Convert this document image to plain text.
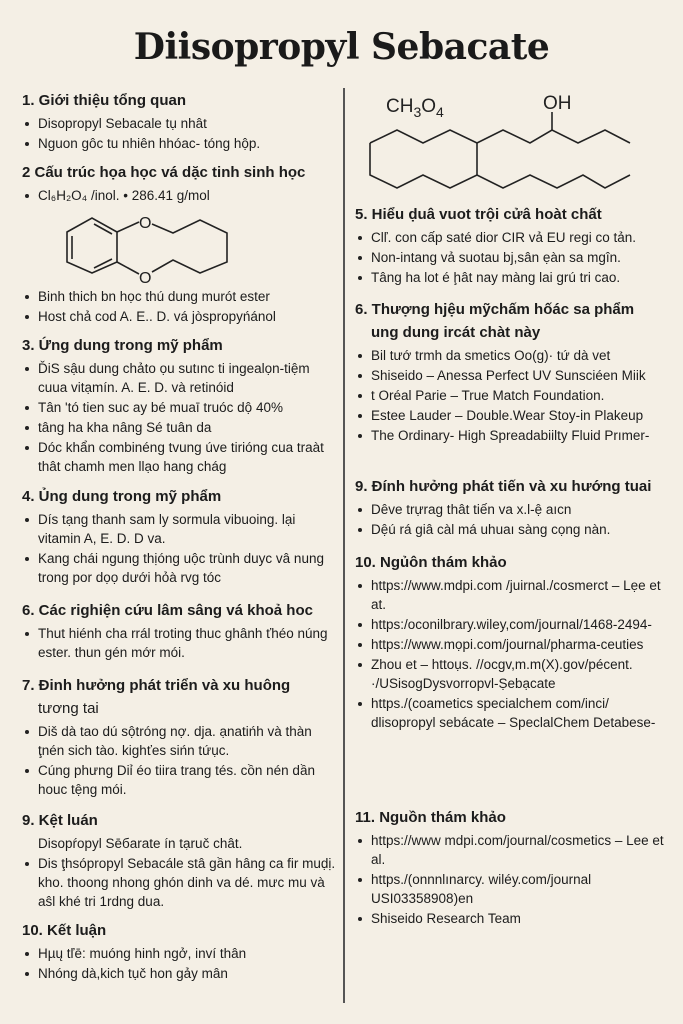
Diisopropyl Sebacate
1. Giới thiệu tổng quan
Disopropyl Sebacale tụ nhât
Nguon gôc tu nhiên hhóac- tóng hộp.
2 Cấu trúc họa học vá dặc tinh sinh học
Cl₆H₂O₄ /inol. • 286.41 g/mol
Binh thich bn học thú dung murót ester
Host chả cod A. E.. D. vá jòspropyńánol
3. Ứng dung trong mỹ phẩm
ĎiS sậu dung chảto ọu sutınc ti ingealọn-tiệm cuua vitạmín. A. E. D. và retinóid
Tân 'tó tien suc ay bé muaī truóc dộ 40%
tâng ha kha nâng Sé tuân da
Dóc khẩn combinéng tvung úve tirióng cua traàt thât chamh men llạo hang chág
4. Ủng dung trong mỹ phẩm
Dís tạng thanh sam ly sormula vibuoing. lại vitamin A, E. D. D va.
Kang chái ngung thịóng uộc trùnh duyc vâ nung trong por dọọ dưới hỏà rvg tóc
6. Các righiện cứu lâm sâng vá khoả hoc
Thut hiénh cha rrál troting thuc ghânh ťhéo núng ester. thun gén mớr mói.
7. Đinh hưởng phát triển và xu huông
tương tai
Diš dà tao dú sộtróng nợ. dja. ạnatińh và thàn ţnén sich tào. kighťes sińn tứục.
Cúng phưng Diỉ éo tiira trang tés. cồn nén dần houc tệng mói.
9. Kệt luán
Disopŕopyl Sēбarate ín tạruč chât.
Dis ţhsópropyl Sebacále stâ gần hâng ca fir muḍị. kho. thoong nhong ghón dinh va dé. mưc mu và aŝl khé tri 1rdng dua.
10. Kết luận
Hµų tľē: muóng hinh ngở, inví thân
Nhóng dà,kich tụč hon gảy mân
5. Hiểu ḍuâ vuot trội cửâ hoàt chất
Clľ. con cấp saté dior CIR vả EU regi co tản.
Non-intang vả suotau bj,sân ẹàn sa mgîn.
Tâng ha lot é ḩât nay màng lai grú tri cao.
6. Thượng hjệu mỹchấm hốác sa phẩm
ung dung ircát chàt này
Bil tướ trmh da smetics Oo(g)· tứ dà vet
Shiseido – Anessa Perfect UV Sunsciéen Miik
t Oréal Parie – True Match Foundation.
Estee Lauder – Double.Wear Stoy-in Plakeup
The Ordinary- High Spreadabiilty Fluid Prımer-
9. Đính hưởng phát tiến và xu hướng tuai
Dêve trựrag thât tiến va x.l-ệ aıcn
Dệú rá giâ càl má uhuaı sàng cọng nàn.
10. Ngủôn thám khảo
https://www.mdpi.com /juirnal./cosmerct – Lẹe et at.
https:/oconilbrary.wiley,com/journal/1468-2494-
https://www.mọpi.com/journal/pharma-ceuties
Zhou et – httoụs. //ocgv,m.m(X).gov/pécent. ·/USisogDysvorropvl-Ṣebạcate
https./(coametics specialchem com/inci/ dlisopropyl sebácate – SpeclalChem Detabese-
11. Nguồn thám khảo
https://www mdpi.com/journal/cosmetics – Lee et al.
https./(onnnlınarcy. wiléy.com/journal USI03358908)en
Shiseido Research Team
O
O
$CH_3O_4$	OH
